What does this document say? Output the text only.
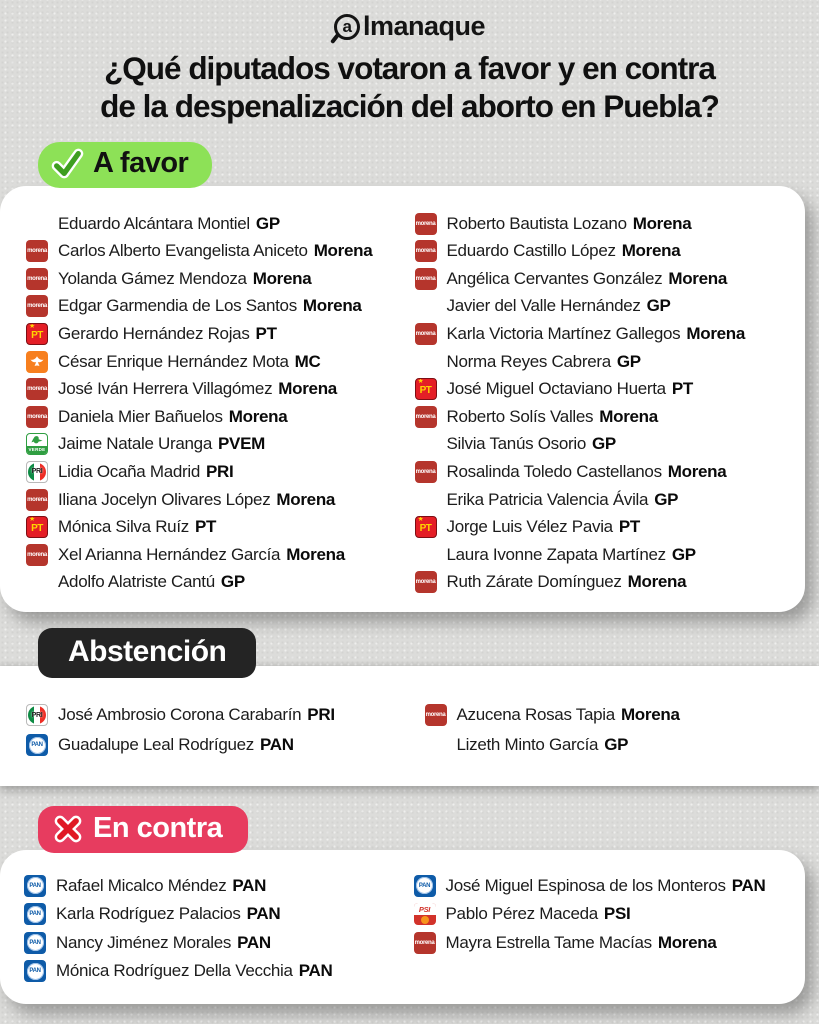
a lmanaque
¿Qué diputados votaron a favor y en contra
de la despenalización del aborto en Puebla?
A favor
Eduardo Alcántara Montiel GP
morena Carlos Alberto Evangelista Aniceto Morena
morena Yolanda Gámez Mendoza Morena
morena Edgar Garmendia de Los Santos Morena
★
PT Gerardo Hernández Rojas PT
César Enrique Hernández Mota MC
morena José Iván Herrera Villagómez Morena
morena Daniela Mier Bañuelos Morena
VERDE Jaime Natale Uranga PVEM
PRI Lidia Ocaña Madrid PRI
morena Iliana Jocelyn Olivares López Morena
★
PT Mónica Silva Ruíz PT
morena Xel Arianna Hernández García Morena
Adolfo Alatriste Cantú GP
morena Roberto Bautista Lozano Morena
morena Eduardo Castillo López Morena
morena Angélica Cervantes González Morena
Javier del Valle Hernández GP
morena Karla Victoria Martínez Gallegos Morena
Norma Reyes Cabrera GP
★
PT José Miguel Octaviano Huerta PT
morena Roberto Solís Valles Morena
Silvia Tanús Osorio GP
morena Rosalinda Toledo Castellanos Morena
Erika Patricia Valencia Ávila GP
★
PT Jorge Luis Vélez Pavia PT
Laura Ivonne Zapata Martínez GP
morena Ruth Zárate Domínguez Morena
Abstención
PRI José Ambrosio Corona Carabarín PRI
PAN Guadalupe Leal Rodríguez PAN
morena Azucena Rosas Tapia Morena
Lizeth Minto García GP
En contra
PAN Rafael Micalco Méndez PAN
PAN Karla Rodríguez Palacios PAN
PAN Nancy Jiménez Morales PAN
PAN Mónica Rodríguez Della Vecchia PAN
PAN José Miguel Espinosa de los Monteros PAN
PSI Pablo Pérez Maceda PSI
morena Mayra Estrella Tame Macías Morena
